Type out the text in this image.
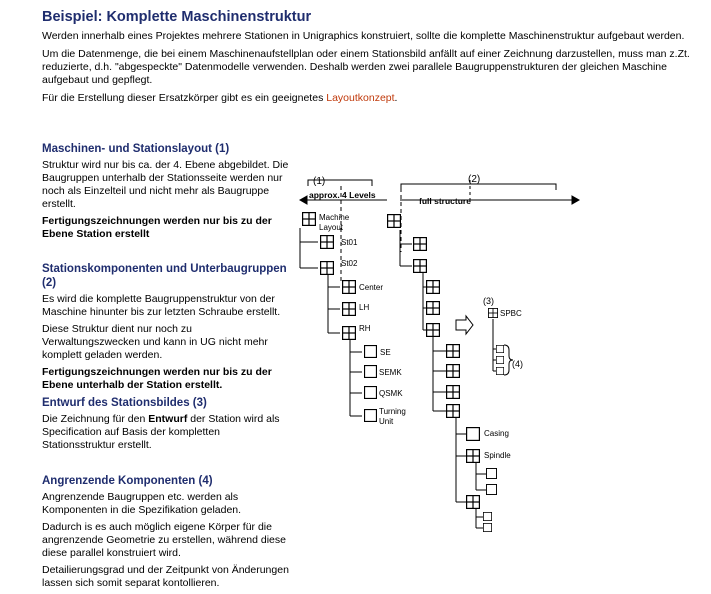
Beispiel: Komplette Maschinenstruktur

Werden innerhalb eines Projektes mehrere Stationen in Unigraphics konstruiert, sollte die komplette Maschinenstruktur aufgebaut werden.

Um die Datenmenge, die bei einem Maschinenaufstellplan oder einem Stationsbild anfällt auf einer Zeichnung darzustellen, muss man z.Zt. reduzierte, d.h. "abgespeckte" Datenmodelle verwenden. Deshalb werden zwei parallele Baugruppenstrukturen der gleichen Maschine aufgebaut und gepflegt.

Für die Erstellung dieser Ersatzkörper gibt es ein geeignetes Layoutkonzept.

Maschinen- und Stationslayout (1)

Struktur wird nur bis ca. der 4. Ebene abgebildet. Die Baugruppen unterhalb der Stationsseite werden nur noch als Einzelteil und nicht mehr als Baugruppe erstellt.

Fertigungszeichnungen werden nur bis zu der Ebene Station erstellt

Stationskomponenten und Unterbaugruppen (2)

Es wird die komplette Baugruppenstruktur von der Maschine hinunter bis zur letzten Schraube erstellt.

Diese Struktur dient nur noch zu Verwaltungszwecken und kann in UG nicht mehr komplett geladen werden.

Fertigungszeichnungen werden nur bis zu der Ebene unterhalb der Station erstellt.

Entwurf des Stationsbildes (3)

Die Zeichnung für den Entwurf der Station wird als Specification auf Basis der kompletten Stationsstruktur erstellt.

Angrenzende Komponenten (4)

Angrenzende Baugruppen etc. werden als Komponenten in die Spezifikation geladen.

Dadurch is es auch möglich eigene Körper für die angrenzende Geometrie zu erstellen, während diese diese parallel konstruiert wird.

Detailierungsgrad und der Zeitpunkt von Änderungen lassen sich somit separat kontollieren.

(1)
approx. 4 Levels
(2)
full structure
(3)
(4)
Machine
Layout
St01
St02
Center
LH
RH
SE
SEMK
QSMK
Turning
Unit
Casing
Spindle
SPBC
